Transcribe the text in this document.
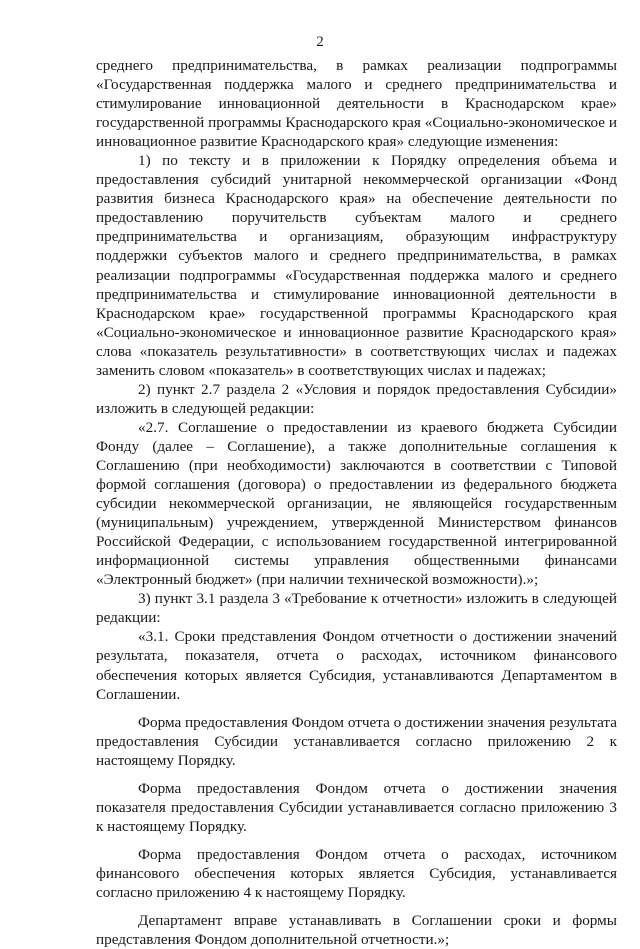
2

среднего предпринимательства, в рамках реализации подпрограммы «Государственная поддержка малого и среднего предпринимательства и стимулирование инновационной деятельности в Краснодарском крае» государственной программы Краснодарского края «Социально-экономическое и инновационное развитие Краснодарского края» следующие изменения:

1) по тексту и в приложении к Порядку определения объема и предоставления субсидий унитарной некоммерческой организации «Фонд развития бизнеса Краснодарского края» на обеспечение деятельности по предоставлению поручительств субъектам малого и среднего предпринимательства и организациям, образующим инфраструктуру поддержки субъектов малого и среднего предпринимательства, в рамках реализации подпрограммы «Государственная поддержка малого и среднего предпринимательства и стимулирование инновационной деятельности в Краснодарском крае» государственной программы Краснодарского края «Социально-экономическое и инновационное развитие Краснодарского края» слова «показатель результативности» в соответствующих числах и падежах заменить словом «показатель» в соответствующих числах и падежах;

2) пункт 2.7 раздела 2 «Условия и порядок предоставления Субсидии» изложить в следующей редакции:

«2.7. Соглашение о предоставлении из краевого бюджета Субсидии Фонду (далее – Соглашение), а также дополнительные соглашения к Соглашению (при необходимости) заключаются в соответствии с Типовой формой соглашения (договора) о предоставлении из федерального бюджета субсидии некоммерческой организации, не являющейся государственным (муниципальным) учреждением, утвержденной Министерством финансов Российской Федерации, с использованием государственной интегрированной информационной системы управления общественными финансами «Электронный бюджет» (при наличии технической возможности).»;

3) пункт 3.1 раздела 3 «Требование к отчетности» изложить в следующей редакции:

«3.1. Сроки представления Фондом отчетности о достижении значений результата, показателя, отчета о расходах, источником финансового обеспечения которых является Субсидия, устанавливаются Департаментом в Соглашении.

Форма предоставления Фондом отчета о достижении значения результата предоставления Субсидии устанавливается согласно приложению 2 к настоящему Порядку.

Форма предоставления Фондом отчета о достижении значения показателя предоставления Субсидии устанавливается согласно приложению 3 к настоящему Порядку.

Форма предоставления Фондом отчета о расходах, источником финансового обеспечения которых является Субсидия, устанавливается согласно приложению 4 к настоящему Порядку.

Департамент вправе устанавливать в Соглашении сроки и формы представления Фондом дополнительной отчетности.»;
